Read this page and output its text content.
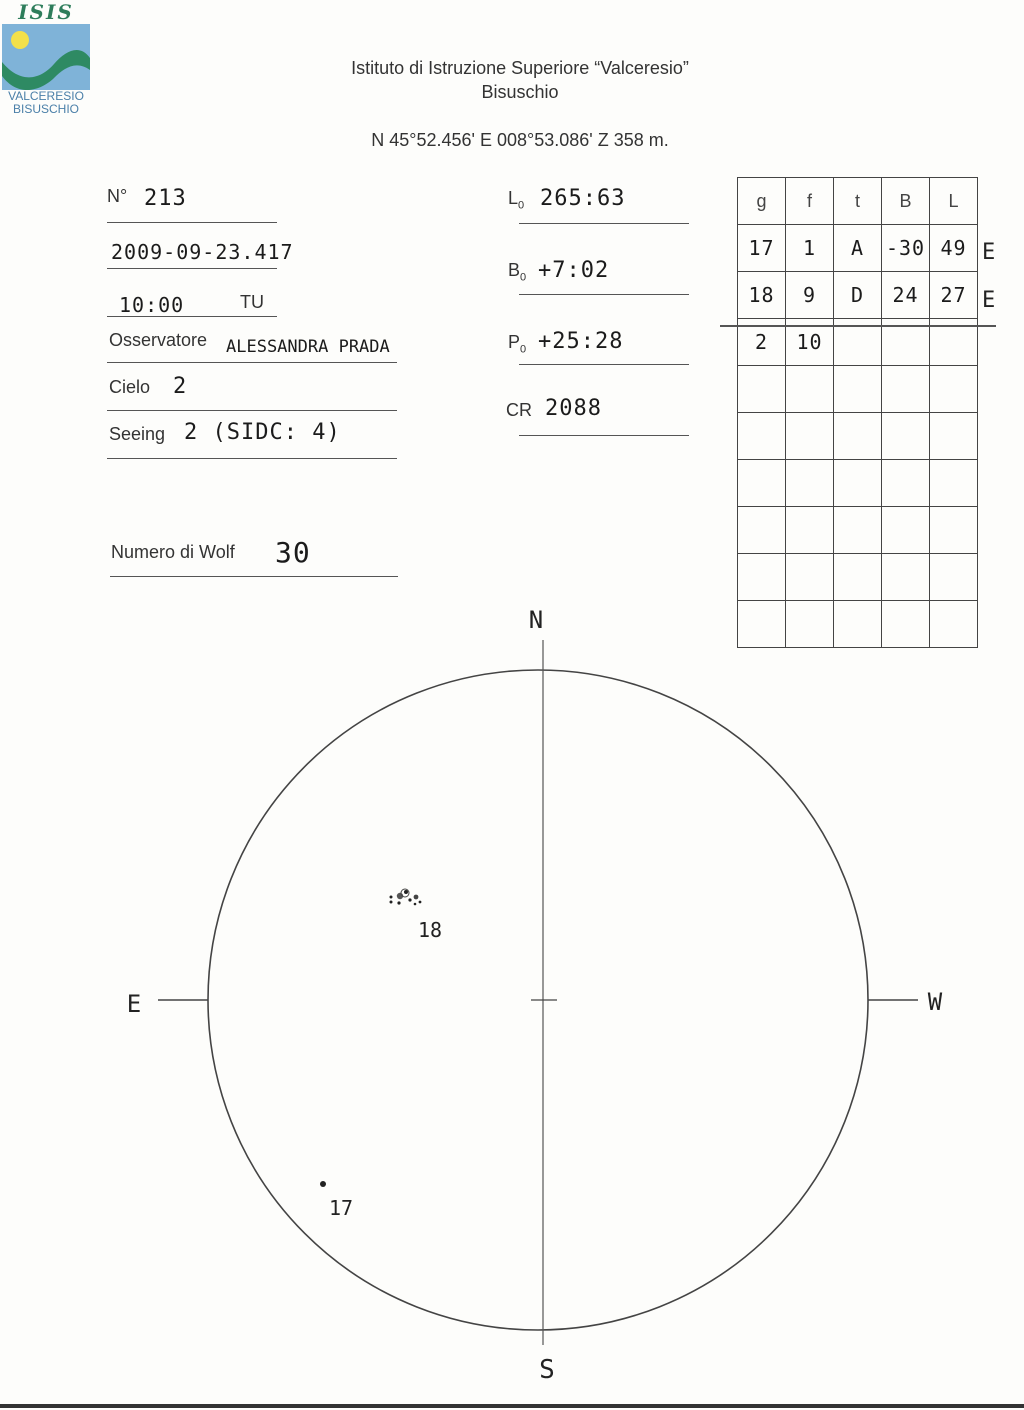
ISIS
VALCERESIO
BISUSCHIO
Istituto di Istruzione Superiore “Valceresio”
Bisuschio
N 45°52.456' E 008°53.086' Z 358 m.
N° 213
2009-09-23.417
10:00	TU
Osservatore ALESSANDRA PRADA
Cielo 2
Seeing 2 (SIDC: 4)
Numero di Wolf 30
$L_0$ 265:63
$B_0$ +7:02
$P_0$ +25:28
CR 2088
g	f	t	B	L
17	1	A	-30	49
18	9	D	24	27
2	10			

E
E
N
S
E	W
18
17
